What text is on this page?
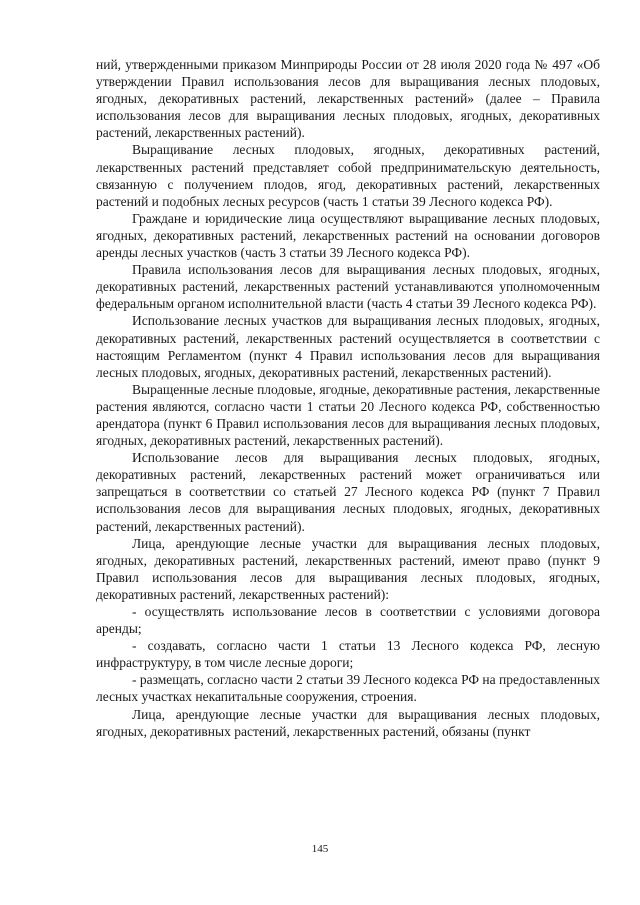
ний, утвержденными приказом Минприроды России от 28 июля 2020 года № 497 «Об утверждении Правил использования лесов для выращивания лесных плодовых, ягодных, декоративных растений, лекарственных растений» (далее – Правила использования лесов для выращивания лесных плодовых, ягодных, декоративных растений, лекарственных растений).

Выращивание лесных плодовых, ягодных, декоративных растений, лекарственных растений представляет собой предпринимательскую деятельность, связанную с получением плодов, ягод, декоративных растений, лекарственных растений и подобных лесных ресурсов (часть 1 статьи 39 Лесного кодекса РФ).

Граждане и юридические лица осуществляют выращивание лесных плодовых, ягодных, декоративных растений, лекарственных растений на основании договоров аренды лесных участков (часть 3 статьи 39 Лесного кодекса РФ).

Правила использования лесов для выращивания лесных плодовых, ягодных, декоративных растений, лекарственных растений устанавливаются уполномоченным федеральным органом исполнительной власти (часть 4 статьи 39 Лесного кодекса РФ).

Использование лесных участков для выращивания лесных плодовых, ягодных, декоративных растений, лекарственных растений осуществляется в соответствии с настоящим Регламентом (пункт 4 Правил использования лесов для выращивания лесных плодовых, ягодных, декоративных растений, лекарственных растений).

Выращенные лесные плодовые, ягодные, декоративные растения, лекарственные растения являются, согласно части 1 статьи 20 Лесного кодекса РФ, собственностью арендатора (пункт 6 Правил использования лесов для выращивания лесных плодовых, ягодных, декоративных растений, лекарственных растений).

Использование лесов для выращивания лесных плодовых, ягодных, декоративных растений, лекарственных растений может ограничиваться или запрещаться в соответствии со статьей 27 Лесного кодекса РФ (пункт 7 Правил использования лесов для выращивания лесных плодовых, ягодных, декоративных растений, лекарственных растений).

Лица, арендующие лесные участки для выращивания лесных плодовых, ягодных, декоративных растений, лекарственных растений, имеют право (пункт 9 Правил использования лесов для выращивания лесных плодовых, ягодных, декоративных растений, лекарственных растений):

- осуществлять использование лесов в соответствии с условиями договора аренды;

- создавать, согласно части 1 статьи 13 Лесного кодекса РФ, лесную инфраструктуру, в том числе лесные дороги;

- размещать, согласно части 2 статьи 39 Лесного кодекса РФ на предоставленных лесных участках некапитальные сооружения, строения.

Лица, арендующие лесные участки для выращивания лесных плодовых, ягодных, декоративных растений, лекарственных растений, обязаны (пункт

145
